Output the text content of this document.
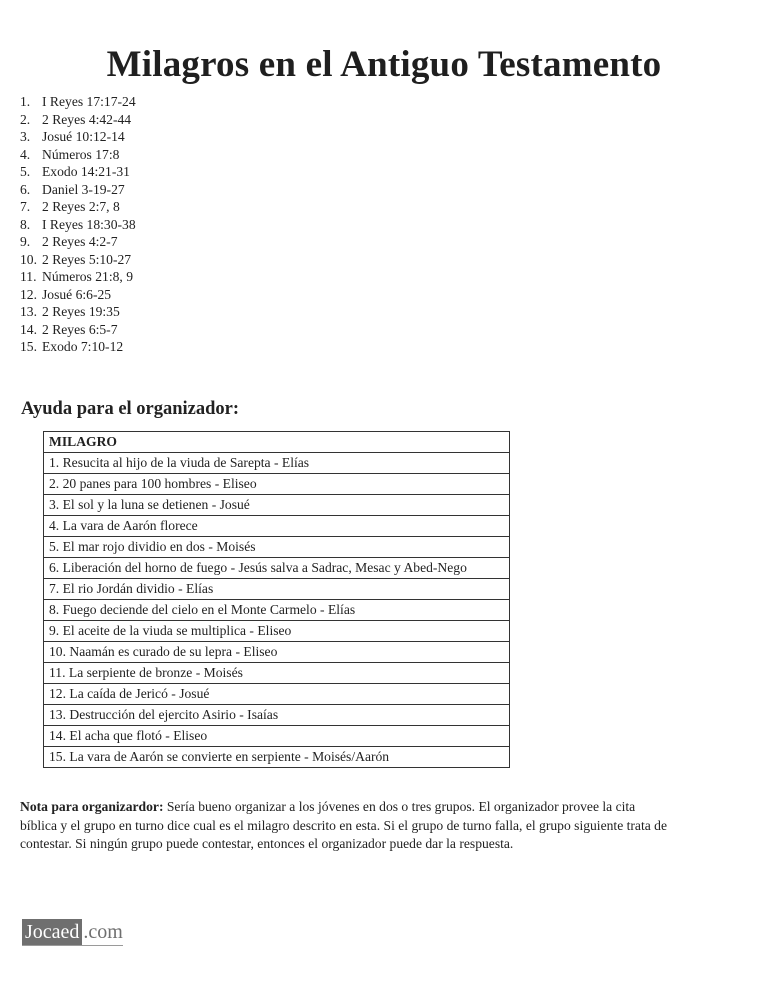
Milagros en el Antiguo Testamento
1. I Reyes 17:17-24
2. 2 Reyes 4:42-44
3. Josué 10:12-14
4. Números 17:8
5. Exodo 14:21-31
6. Daniel 3-19-27
7. 2 Reyes 2:7, 8
8. I Reyes 18:30-38
9. 2 Reyes 4:2-7
10. 2 Reyes 5:10-27
11. Números 21:8, 9
12. Josué 6:6-25
13. 2 Reyes 19:35
14. 2 Reyes 6:5-7
15. Exodo 7:10-12
Ayuda para el organizador:
MILAGRO
1. Resucita al hijo de la viuda de Sarepta - Elías
2. 20 panes para 100 hombres - Eliseo
3. El sol y la luna se detienen - Josué
4. La vara de Aarón florece
5. El mar rojo dividio en dos - Moisés
6. Liberación del horno de fuego - Jesús salva a Sadrac, Mesac y Abed-Nego
7. El rio Jordán dividio - Elías
8. Fuego deciende del cielo en el Monte Carmelo - Elías
9. El aceite de la viuda se multiplica - Eliseo
10. Naamán es curado de su lepra - Eliseo
11. La serpiente de bronze - Moisés
12. La caída de Jericó - Josué
13. Destrucción del ejercito Asirio - Isaías
14. El acha que flotó - Eliseo
15. La vara de Aarón se convierte en serpiente - Moisés/Aarón

Nota para organizardor: Sería bueno organizar a los jóvenes en dos o tres grupos. El organizador provee la cita bíblica y el grupo en turno dice cual es el milagro descrito en esta. Si el grupo de turno falla, el grupo siguiente trata de contestar. Si ningún grupo puede contestar, entonces el organizador puede dar la respuesta.

Jocaed .com
